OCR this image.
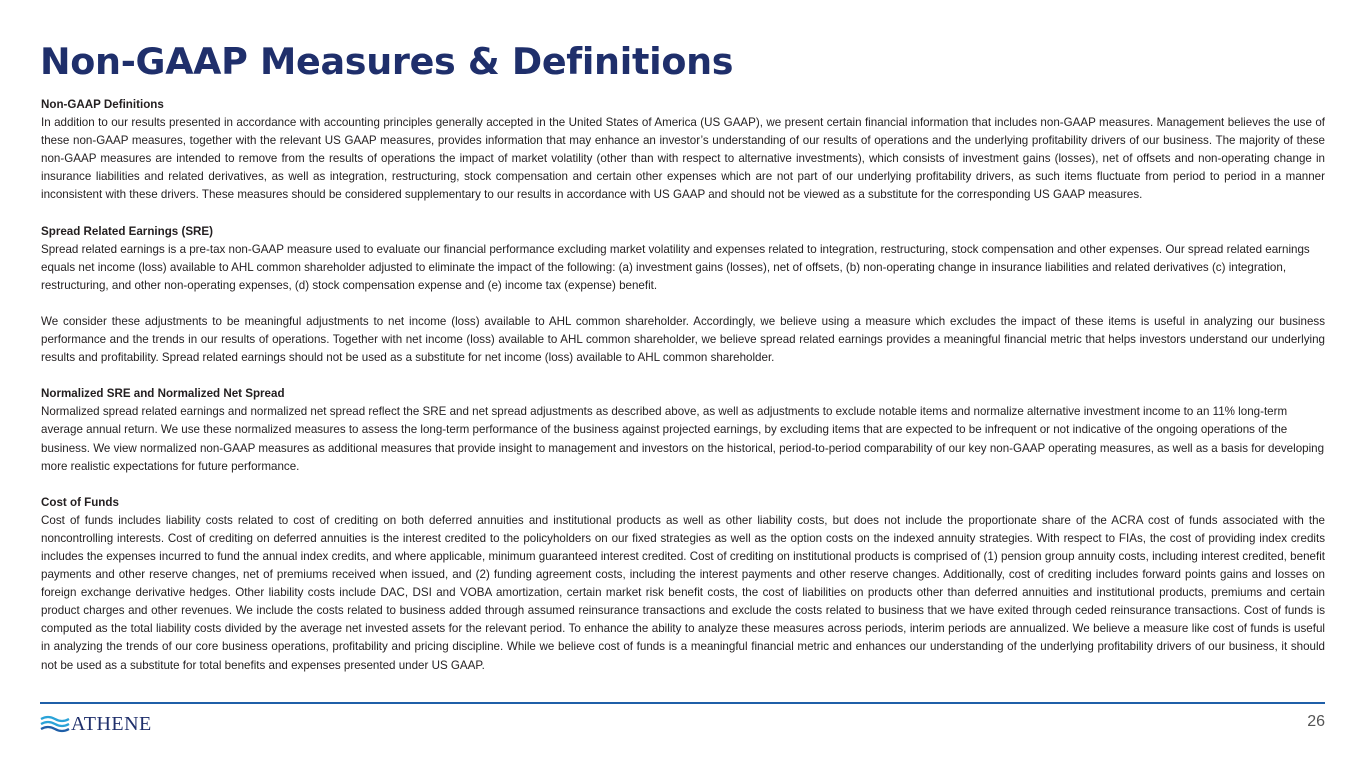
Non-GAAP Measures & Definitions

Non-GAAP Definitions

In addition to our results presented in accordance with accounting principles generally accepted in the United States of America (US GAAP), we present certain financial information that includes non-GAAP measures. Management believes the use of these non-GAAP measures, together with the relevant US GAAP measures, provides information that may enhance an investor’s understanding of our results of operations and the underlying profitability drivers of our business. The majority of these non-GAAP measures are intended to remove from the results of operations the impact of market volatility (other than with respect to alternative investments), which consists of investment gains (losses), net of offsets and non-operating change in insurance liabilities and related derivatives, as well as integration, restructuring, stock compensation and certain other expenses which are not part of our underlying profitability drivers, as such items fluctuate from period to period in a manner inconsistent with these drivers. These measures should be considered supplementary to our results in accordance with US GAAP and should not be viewed as a substitute for the corresponding US GAAP measures.

Spread Related Earnings (SRE)

Spread related earnings is a pre-tax non-GAAP measure used to evaluate our financial performance excluding market volatility and expenses related to integration, restructuring, stock compensation and other expenses. Our spread related earnings equals net income (loss) available to AHL common shareholder adjusted to eliminate the impact of the following: (a) investment gains (losses), net of offsets, (b) non-operating change in insurance liabilities and related derivatives (c) integration, restructuring, and other non-operating expenses, (d) stock compensation expense and (e) income tax (expense) benefit.

We consider these adjustments to be meaningful adjustments to net income (loss) available to AHL common shareholder. Accordingly, we believe using a measure which excludes the impact of these items is useful in analyzing our business performance and the trends in our results of operations. Together with net income (loss) available to AHL common shareholder, we believe spread related earnings provides a meaningful financial metric that helps investors understand our underlying results and profitability. Spread related earnings should not be used as a substitute for net income (loss) available to AHL common shareholder.

Normalized SRE and Normalized Net Spread

Normalized spread related earnings and normalized net spread reflect the SRE and net spread adjustments as described above, as well as adjustments to exclude notable items and normalize alternative investment income to an 11% long-term average annual return. We use these normalized measures to assess the long-term performance of the business against projected earnings, by excluding items that are expected to be infrequent or not indicative of the ongoing operations of the business. We view normalized non-GAAP measures as additional measures that provide insight to management and investors on the historical, period-to-period comparability of our key non-GAAP operating measures, as well as a basis for developing more realistic expectations for future performance.

Cost of Funds

Cost of funds includes liability costs related to cost of crediting on both deferred annuities and institutional products as well as other liability costs, but does not include the proportionate share of the ACRA cost of funds associated with the noncontrolling interests. Cost of crediting on deferred annuities is the interest credited to the policyholders on our fixed strategies as well as the option costs on the indexed annuity strategies. With respect to FIAs, the cost of providing index credits includes the expenses incurred to fund the annual index credits, and where applicable, minimum guaranteed interest credited. Cost of crediting on institutional products is comprised of (1) pension group annuity costs, including interest credited, benefit payments and other reserve changes, net of premiums received when issued, and (2) funding agreement costs, including the interest payments and other reserve changes. Additionally, cost of crediting includes forward points gains and losses on foreign exchange derivative hedges. Other liability costs include DAC, DSI and VOBA amortization, certain market risk benefit costs, the cost of liabilities on products other than deferred annuities and institutional products, premiums and certain product charges and other revenues. We include the costs related to business added through assumed reinsurance transactions and exclude the costs related to business that we have exited through ceded reinsurance transactions. Cost of funds is computed as the total liability costs divided by the average net invested assets for the relevant period. To enhance the ability to analyze these measures across periods, interim periods are annualized. We believe a measure like cost of funds is useful in analyzing the trends of our core business operations, profitability and pricing discipline. While we believe cost of funds is a meaningful financial metric and enhances our understanding of the underlying profitability drivers of our business, it should not be used as a substitute for total benefits and expenses presented under US GAAP.

ATHENE	26
